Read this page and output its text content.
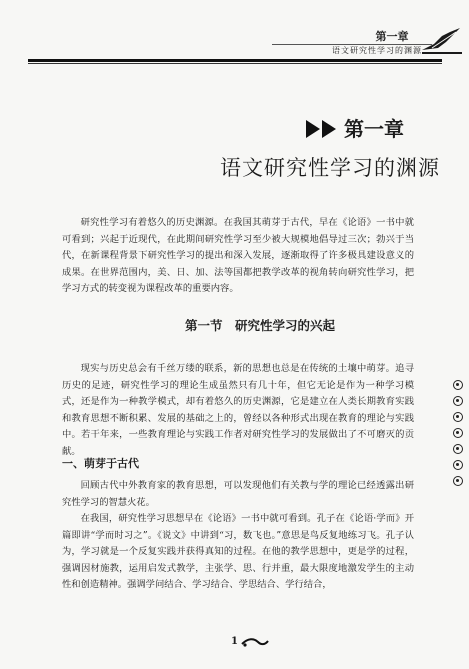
第一章
语文研究性学习的渊源
第一章
语文研究性学习的渊源

研究性学习有着悠久的历史渊源。在我国其萌芽于古代，早在《论语》一书中就可看到；兴起于近现代，在此期间研究性学习至少被大规模地倡导过三次；勃兴于当代，在新课程背景下研究性学习的提出和深入发展，逐渐取得了许多极具建设意义的成果。在世界范围内，美、日、加、法等国都把教学改革的视角转向研究性学习，把学习方式的转变视为课程改革的重要内容。

第一节　研究性学习的兴起

现实与历史总会有千丝万缕的联系，新的思想也总是在传统的土壤中萌芽。追寻历史的足迹，研究性学习的理论生成虽然只有几十年，但它无论是作为一种学习模式，还是作为一种教学模式，却有着悠久的历史渊源，它是建立在人类长期教育实践和教育思想不断积累、发展的基础之上的，曾经以各种形式出现在教育的理论与实践中。若干年来，一些教育理论与实践工作者对研究性学习的发展做出了不可磨灭的贡献。

一、萌芽于古代

回顾古代中外教育家的教育思想，可以发现他们有关教与学的理论已经透露出研究性学习的智慧火花。

在我国，研究性学习思想早在《论语》一书中就可看到。孔子在《论语·学而》开篇即讲“学而时习之”。《说文》中讲到“习，数飞也。”意思是鸟反复地练习飞。孔子认为，学习就是一个反复实践并获得真知的过程。在他的教学思想中，更是学的过程，强调因材施教，运用启发式教学，主张学、思、行并重，最大限度地激发学生的主动性和创造精神。强调学问结合、学习结合、学思结合、学行结合，

1
